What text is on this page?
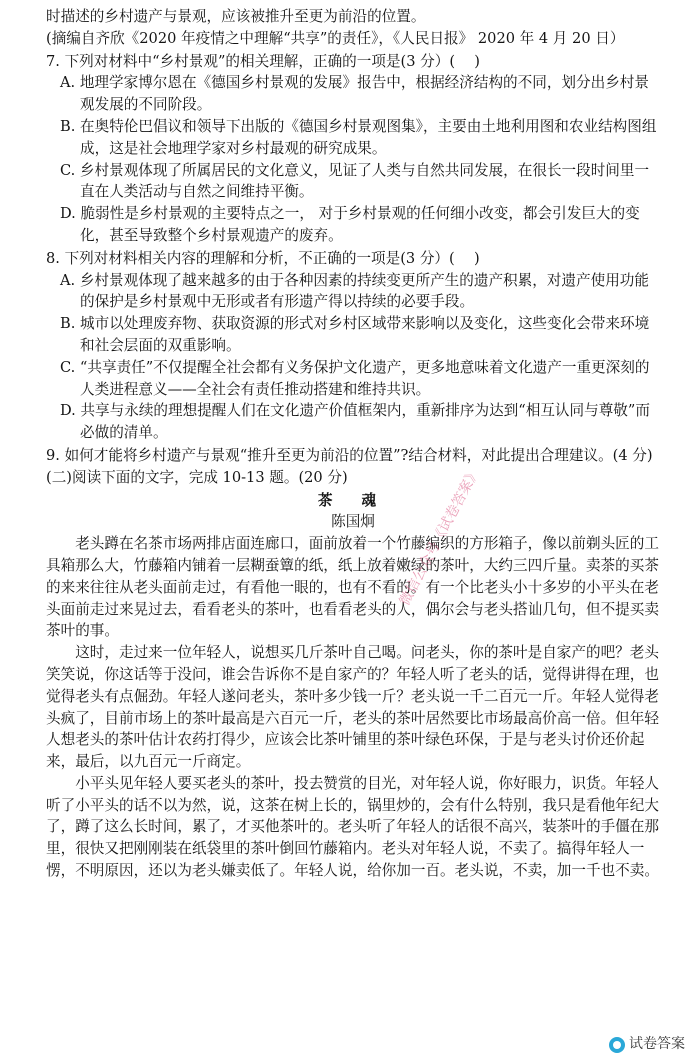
时描述的乡村遗产与景观，应该被推升至更为前沿的位置。

(摘编自齐欣《2020 年疫情之中理解“共享”的责任》，《人民日报》 2020 年 4 月 20 日）

7. 下列对材料中“乡村景观”的相关理解，正确的一项是(3 分）(　 )

A. 地理学家博尔恩在《德国乡村景观的发展》报告中，根据经济结构的不同，划分出乡村景观发展的不同阶段。

B. 在奥特伦巴倡议和领导下出版的《德国乡村景观图集》，主要由土地利用图和农业结构图组成，这是社会地理学家对乡村最观的研究成果。

C. 乡村景观体现了所属居民的文化意义，见证了人类与自然共同发展，在很长一段时间里一直在人类活动与自然之间维持平衡。

D. 脆弱性是乡村景观的主要特点之一， 对于乡村景观的任何细小改变，都会引发巨大的变化，甚至导致整个乡村景观遗产的废弃。

8. 下列对材料相关内容的理解和分析，不正确的一项是(3 分）(　 )

A. 乡村景观体现了越来越多的由于各种因素的持续变更所产生的遗产积累，对遗产使用功能的保护是乡村景观中无形或者有形遗产得以持续的必要手段。

B. 城市以处理废弃物、获取资源的形式对乡村区域带来影响以及变化，这些变化会带来环境和社会层面的双重影响。

C. “共享责任”不仅提醒全社会都有义务保护文化遗产，更多地意味着文化遗产一重更深刻的人类进程意义——全社会有责任推动搭建和维持共识。

D. 共享与永续的理想提醒人们在文化遗产价值框架内，重新排序为达到“相互认同与尊敬”而必做的清单。

9. 如何才能将乡村遗产与景观“推升至更为前沿的位置”?结合材料，对此提出合理建议。(4 分)

(二)阅读下面的文字，完成 10-13 题。(20 分)

茶 魂

陈国炯

老头蹲在名茶市场两排店面连廊口，面前放着一个竹藤编织的方形箱子，像以前剃头匠的工具箱那么大，竹藤箱内铺着一层糊蚕簟的纸，纸上放着嫩绿的茶叶，大约三四斤量。卖茶的买茶的来来往往从老头面前走过，有看他一眼的，也有不看的。有一个比老头小十多岁的小平头在老头面前走过来晃过去，看看老头的茶叶，也看看老头的人，偶尔会与老头搭讪几句，但不提买卖茶叶的事。

这时，走过来一位年轻人，说想买几斤茶叶自己喝。问老头，你的茶叶是自家产的吧？老头笑笑说，你这话等于没问，谁会告诉你不是自家产的？年轻人听了老头的话，觉得讲得在理，也觉得老头有点倔劲。年轻人遂问老头，茶叶多少钱一斤？老头说一千二百元一斤。年轻人觉得老头疯了，目前市场上的茶叶最高是六百元一斤，老头的茶叶居然要比市场最高价高一倍。但年轻人想老头的茶叶估计农药打得少，应该会比茶叶铺里的茶叶绿色环保，于是与老头讨价还价起来，最后，以九百元一斤商定。

小平头见年轻人要买老头的茶叶，投去赞赏的目光，对年轻人说，你好眼力，识货。年轻人听了小平头的话不以为然，说，这茶在树上长的，锅里炒的，会有什么特别，我只是看他年纪大了，蹲了这么长时间，累了，才买他茶叶的。老头听了年轻人的话很不高兴，装茶叶的手僵在那里，很快又把刚刚装在纸袋里的茶叶倒回竹藤箱内。老头对年轻人说，不卖了。搞得年轻人一愣，不明原因，还以为老头嫌卖低了。年轻人说，给你加一百。老头说，不卖，加一千也不卖。

微信公众号《试卷答案》
试卷答案
